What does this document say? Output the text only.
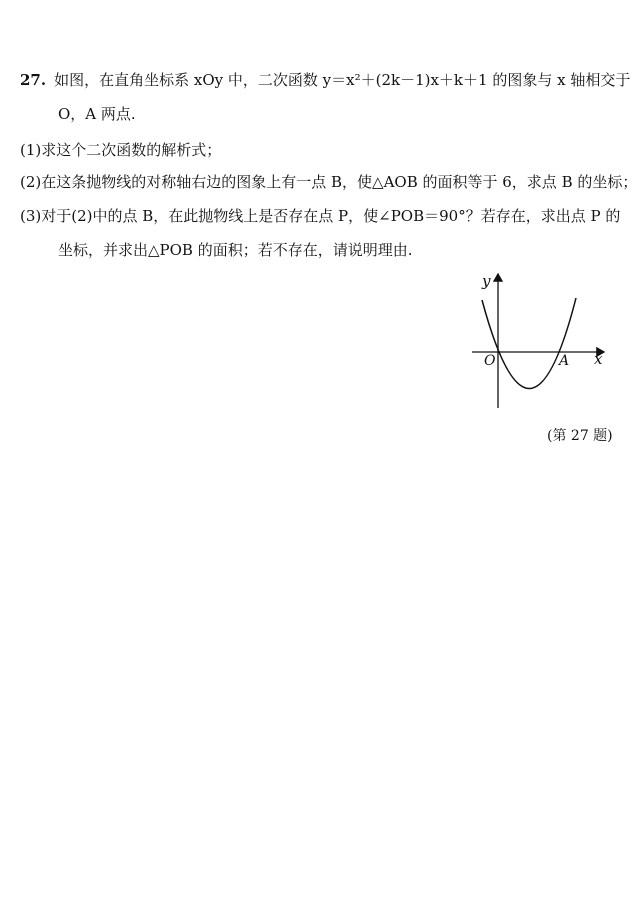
27. 如图，在直角坐标系 xOy 中，二次函数 y＝x²＋(2k－1)x＋k＋1 的图象与 x 轴相交于
O，A 两点.
(1)求这个二次函数的解析式；
(2)在这条抛物线的对称轴右边的图象上有一点 B，使△AOB 的面积等于 6，求点 B 的坐标；
(3)对于(2)中的点 B，在此抛物线上是否存在点 P，使∠POB＝90°？若存在，求出点 P 的
坐标，并求出△POB 的面积；若不存在，请说明理由.
y
x
O	A
(第 27 题)
